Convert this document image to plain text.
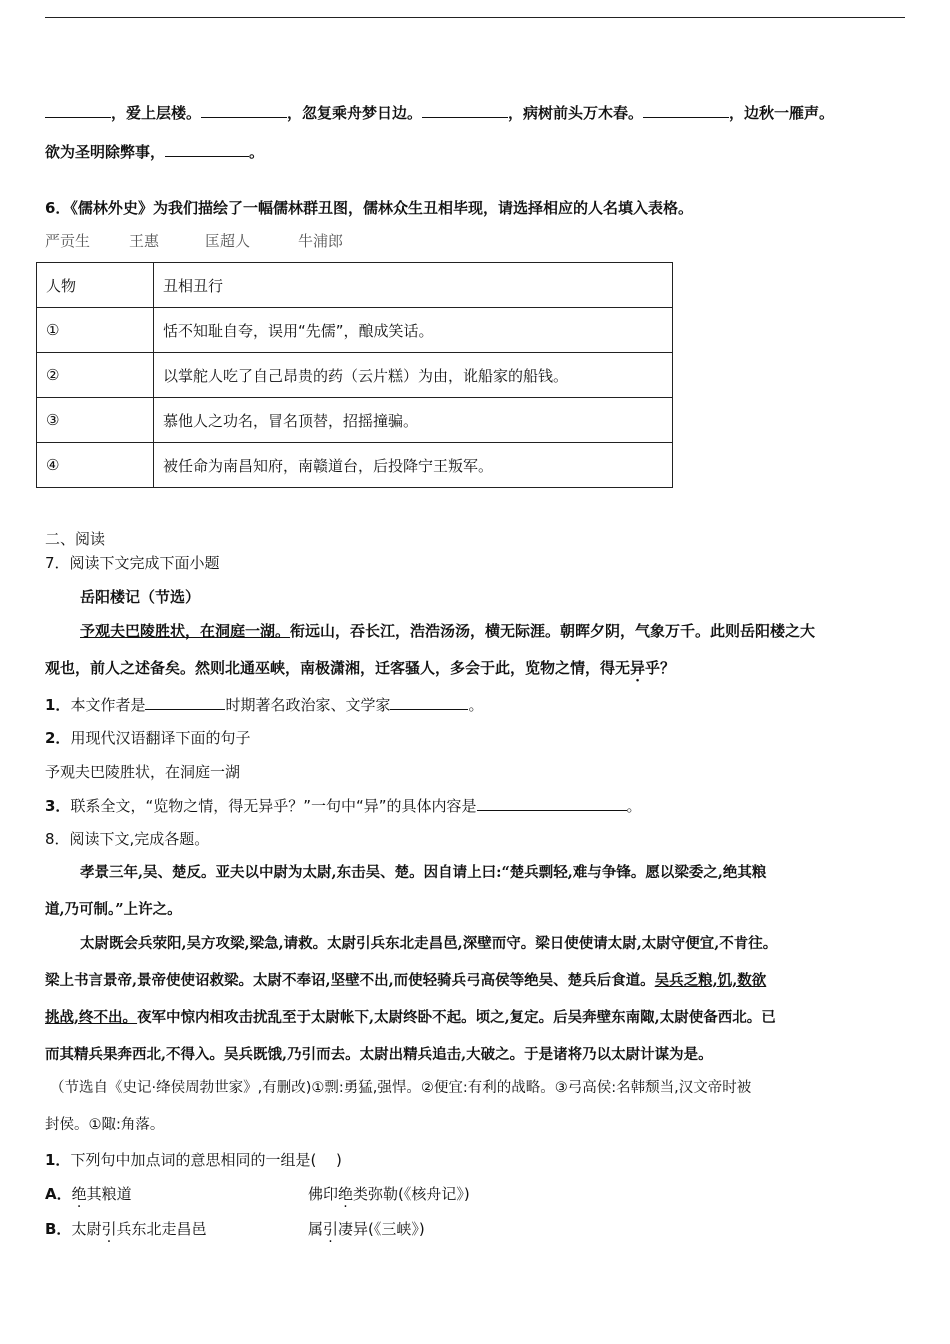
，爱上层楼。	，忽复乘舟梦日边。	，病树前头万木春。	，边秋一雁声。
欲为圣明除弊事，	。
6．《儒林外史》为我们描绘了一幅儒林群丑图，儒林众生丑相毕现，请选择相应的人名填入表格。
严贡生	王惠	匡超人	牛浦郎
人物	丑相丑行
①	恬不知耻自夸，误用“先儒”，酿成笑话。
②	以掌舵人吃了自己昂贵的药（云片糕）为由，讹船家的船钱。
③	慕他人之功名，冒名顶替，招摇撞骗。
④	被任命为南昌知府，南赣道台，后投降宁王叛军。
二、阅读
7．阅读下文完成下面小题
岳阳楼记（节选）
予观夫巴陵胜状，在洞庭一湖。衔远山，吞长江，浩浩汤汤，横无际涯。朝晖夕阴，气象万千。此则岳阳楼之大
观也，前人之述备矣。然则北通巫峡，南极潇湘，迁客骚人，多会于此，览物之情，得无异乎？
1．本文作者是	时期著名政治家、文学家	。
2．用现代汉语翻译下面的句子
予观夫巴陵胜状，在洞庭一湖
3．联系全文，“览物之情，得无异乎？”一句中“异”的具体内容是	。
8．阅读下文,完成各题。
孝景三年,吴、楚反。亚夫以中尉为太尉,东击吴、楚。因自请上曰:“楚兵剽轻,难与争锋。愿以梁委之,绝其粮
道,乃可制。”上许之。
太尉既会兵荥阳,吴方攻梁,梁急,请救。太尉引兵东北走昌邑,深壁而守。梁日使使请太尉,太尉守便宜,不肯往。
梁上书言景帝,景帝使使诏救梁。太尉不奉诏,坚壁不出,而使轻骑兵弓高侯等绝吴、楚兵后食道。吴兵乏粮,饥,数欲
挑战,终不出。夜军中惊内相攻击扰乱至于太尉帐下,太尉终卧不起。顷之,复定。后吴奔壁东南陬,太尉使备西北。已
而其精兵果奔西北,不得入。吴兵既饿,乃引而去。太尉出精兵追击,大破之。于是诸将乃以太尉计谋为是。
（节选自《史记·绛侯周勃世家》,有删改)①剽:勇猛,强悍。②便宜:有利的战略。③弓高侯:名韩颓当,汉文帝时被
封侯。①陬:角落。
1．下列句中加点词的意思相同的一组是(　 )
A．绝其粮道	佛印绝类弥勒(《核舟记》)
B．太尉引兵东北走昌邑	属引凄异(《三峡》)
